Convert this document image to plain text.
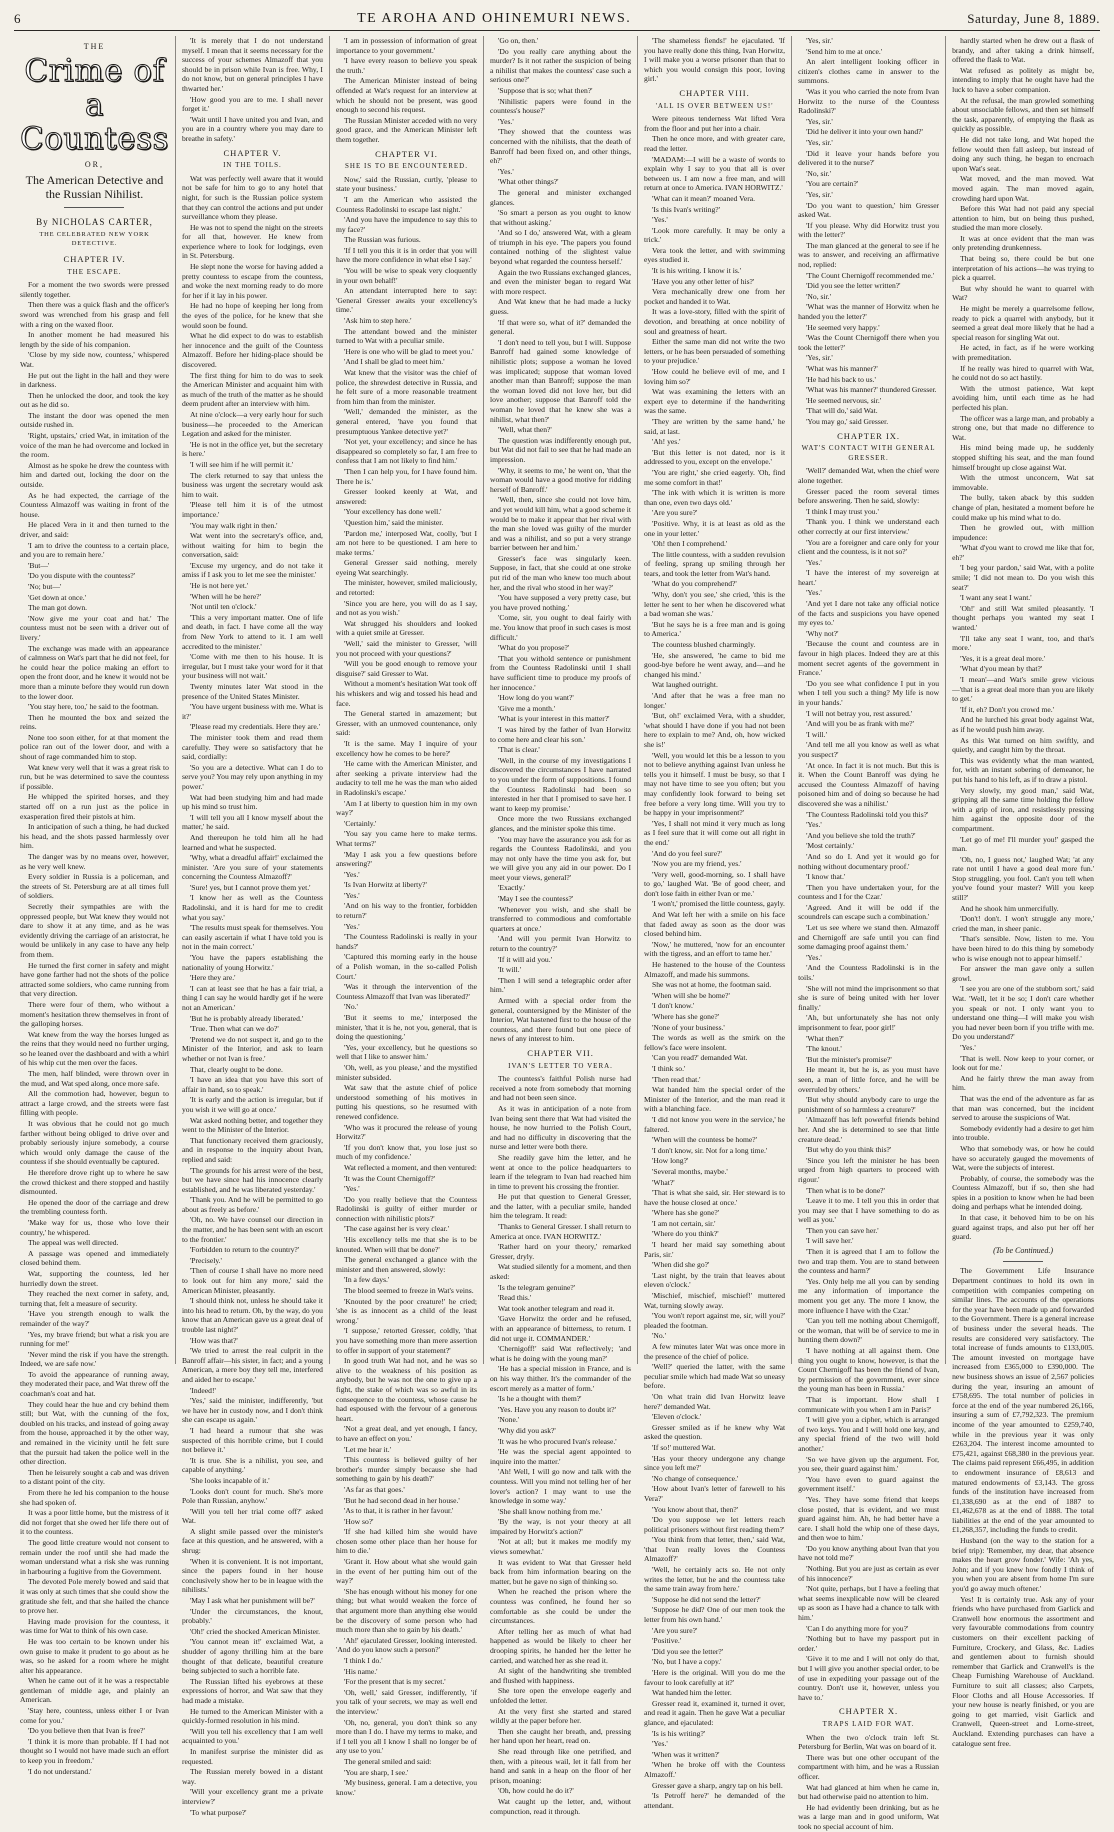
6	TE AROHA AND OHINEMURI NEWS.	Saturday, June 8, 1889.
THE
Crime of a Countess
OR,
The American Detective and the Russian Nihilist.
By NICHOLAS CARTER,
THE CELEBRATED NEW YORK DETECTIVE.
CHAPTER IV.
THE ESCAPE.

For a moment the two swords were pressed silently together.

Then there was a quick flash and the officer's sword was wrenched from his grasp and fell with a ring on the waxed floor.

In another moment he had measured his length by the side of his companion.

'Close by my side now, countess,' whispered Wat.

He put out the light in the hall and they were in darkness.

Then he unlocked the door, and took the key out as he did so.

The instant the door was opened the men outside rushed in.

'Right, upstairs,' cried Wat, in imitation of the voice of the man he had overcome and locked in the room.

Almost as he spoke he drew the countess with him and darted out, locking the door on the outside.

As he had expected, the carriage of the Countess Almazoff was waiting in front of the house.

He placed Vera in it and then turned to the driver, and said:

'I am to drive the countess to a certain place, and you are to remain here.'

'But—'

'Do you dispute with the countess?'

'No; but—'

'Get down at once.'

The man got down.

'Now give me your coat and hat.' The countess must not be seen with a driver out of livery.'

The exchange was made with an appearance of calmness on Wat's part that he did not feel, for he could hear the police making an effort to open the front door, and he knew it would not be more than a minute before they would run down to the lower door.

'You stay here, too,' he said to the footman.

Then he mounted the box and seized the reins.

None too soon either, for at that moment the police ran out of the lower door, and with a shout of rage commanded him to stop.

Wat knew very well that it was a great risk to run, but he was determined to save the countess if possible.

He whipped the spirited horses, and they started off on a run just as the police in exasperation fired their pistols at him.

In anticipation of such a thing, he had ducked his head, and the shots passed harmlessly over him.

The danger was by no means over, however, as he very well knew.

Every soldier in Russia is a policeman, and the streets of St. Petersburg are at all times full of soldiers.

Secretly their sympathies are with the oppressed people, but Wat knew they would not dare to show it at any time, and as he was evidently driving the carriage of an aristocrat, he would be unlikely in any case to have any help from them.

He turned the first corner in safety and might have gone farther had not the shots of the police attracted some soldiers, who came running from that very direction.

There were four of them, who without a moment's hesitation threw themselves in front of the galloping horses.

Wat knew from the way the horses lunged as the reins that they would need no further urging, so he leaned over the dashboard and with a whirl of his whip cut the men over the faces.

The men, half blinded, were thrown over in the mud, and Wat sped along, once more safe.

All the commotion had, however, begun to attract a large crowd, and the streets were fast filling with people.

It was obvious that he could not go much farther without being obliged to drive over and probably seriously injure somebody, a course which would only damage the cause of the countess if she should eventually be captured.

He therefore drove right up to where he saw the crowd thickest and there stopped and hastily dismounted.

He opened the door of the carriage and drew the trembling countess forth.

'Make way for us, those who love their country,' he whispered.

The appeal was well directed.

A passage was opened and immediately closed behind them.

Wat, supporting the countess, led her hurriedly down the street.

They reached the next corner in safety, and, turning that, felt a measure of security.

'Have you strength enough to walk the remainder of the way?'

'Yes, my brave friend; but what a risk you are running for me!'

'Never mind the risk if you have the strength. Indeed, we are safe now.'

To avoid the appearance of running away, they moderated their pace, and Wat threw off the coachman's coat and hat.

They could hear the hue and cry behind them still; but Wat, with the cunning of the fox, doubled on his tracks, and instead of going away from the house, approached it by the other way, and remained in the vicinity until he felt sure that the pursuit had taken the police well in the other direction.

Then he leisurely sought a cab and was driven to a distant point of the city.

From there he led his companion to the house she had spoken of.

It was a poor little home, but the mistress of it did not forget that she owed her life there out of it to the countess.

The good little creature would not consent to remain under the roof until she had made the woman understand what a risk she was running in harbouring a fugitive from the Government.

The devoted Pole merely bowed and said that it was only at such times that she could show the gratitude she felt, and that she hailed the chance to prove her.

Having made provision for the countess, it was time for Wat to think of his own case.

He was too certain to be known under his own guise to make it prudent to go about as he was, so he asked for a room where he might alter his appearance.

When he came out of it he was a respectable gentleman of middle age, and plainly an American.

'Stay here, countess, unless either I or Ivan come for you.'

'Do you believe then that Ivan is free?'

'I think it is more than probable. If I had not thought so I would not have made such an effort to keep you in freedom.'

'I do not understand.'

'It is merely that I do not understand myself. I mean that it seems necessary for the success of your schemes Almazoff that you should be in prison while Ivan is free. Why, I do not know, but on general principles I have thwarted her.'

'How good you are to me. I shall never forget it.'

'Wait until I have united you and Ivan, and you are in a country where you may dare to breathe in safety.'

CHAPTER V.
IN THE TOILS.

Wat was perfectly well aware that it would not be safe for him to go to any hotel that night, for such is the Russian police system that they can control the actions and put under surveillance whom they please.

He was not to spend the night on the streets for all that, however. He knew from experience where to look for lodgings, even in St. Petersburg.

He slept none the worse for having added a pretty countess to escape from the countess, and woke the next morning ready to do more for her if it lay in his power.

He had no hope of keeping her long from the eyes of the police, for he knew that she would soon be found.

What he did expect to do was to establish her innocence and the guilt of the Countess Almazoff. Before her hiding-place should be discovered.

The first thing for him to do was to seek the American Minister and acquaint him with as much of the truth of the matter as he should deem prudent after an interview with him.

At nine o'clock—a very early hour for such business—he proceeded to the American Legation and asked for the minister.

'He is not in the office yet, but the secretary is here.'

'I will see him if he will permit it.'

The clerk returned to say that unless the business was urgent the secretary would ask him to wait.

'Please tell him it is of the utmost importance.'

'You may walk right in then.'

Wat went into the secretary's office, and, without waiting for him to begin the conversation, said:

'Excuse my urgency, and do not take it amiss if I ask you to let me see the minister.'

'He is not here yet.'

'When will he be here?'

'Not until ten o'clock.'

'This a very important matter. One of life and death, in fact. I have come all the way from New York to attend to it. I am well accredited to the minister.'

'Come with me then to his house. It is irregular, but I must take your word for it that your business will not wait.'

Twenty minutes later Wat stood in the presence of the United States Minister.

'You have urgent business with me. What is it?'

'Please read my credentials. Here they are.'

The minister took them and read them carefully. They were so satisfactory that he said, cordially:

'So you are a detective. What can I do to serve you? You may rely upon anything in my power.'

Wat had been studying him and had made up his mind so trust him.

'I will tell you all I know myself about the matter,' he said.

And thereupon he told him all he had learned and what he suspected.

'Why, what a dreadful affair!' exclaimed the minister. 'Are you sure of your statements concerning the Countess Almazoff?'

'Sure! yes, but I cannot prove them yet.'

'I know her as well as the Countess Radolinski, and it is hard for me to credit what you say.'

'The results must speak for themselves. You can easily ascertain if what I have told you is not in the main correct.'

'You have the papers establishing the nationality of young Horwitz.'

'Here they are.'

'I can at least see that he has a fair trial, a thing I can say he would hardly get if he were not an American.'

'But he is probably already liberated.'

'True. Then what can we do?'

'Pretend we do not suspect it, and go to the Minister of the Interior, and ask to learn whether or not Ivan is free.'

That, clearly ought to be done.

'I have an idea that you have this sort of affair in hand, so to speak.'

'It is early and the action is irregular, but if you wish it we will go at once.'

Wat asked nothing better, and together they went to the Minister of the Interior.

That functionary received them graciously, and in response to the inquiry about Ivan, replied and said:

'The grounds for his arrest were of the best, but we have since had his innocence clearly established, and he was liberated yesterday.'

'Thank you. And he will be permitted to go about as freely as before.'

'Oh, no. We have counsel our direction in the matter, and he has been sent with an escort to the frontier.'

'Forbidden to return to the country?'

'Precisely.'

'Then of course I shall have no more need to look out for him any more,' said the American Minister, pleasantly.

'I should think not, unless he should take it into his head to return. Oh, by the way, do you know that an American gave us a great deal of trouble last night?'

'How was that?'

'We tried to arrest the real culprit in the Banroff affair—his sister, in fact; and a young American, a mere boy they tell me, interfered and aided her to escape.'

'Indeed!'

'Yes,' said the minister, indifferently, 'but we have her in custody now, and I don't think she can escape us again.'

'I had heard a rumour that she was suspected of this horrible crime, but I could not believe it.'

'It is true. She is a nihilist, you see, and capable of anything.'

'She looks incapable of it.'

'Looks don't count for much. She's more Pole than Russian, anyhow.'

'Will you tell her trial come off?' asked Wat.

A slight smile passed over the minister's face at this question, and he answered, with a shrug:

'When it is convenient. It is not important, since the papers found in her house conclusively show her to be in league with the nihilists.'

'May I ask what her punishment will be?'

'Under the circumstances, the knout, probably.'

'Oh!' cried the shocked American Minister.

'You cannot mean it!' exclaimed Wat, a shudder of agony thrilling him at the bare thought of that delicate, beautiful creature being subjected to such a horrible fate.

The Russian lifted his eyebrows at these expressions of horror, and Wat saw that they had made a mistake.

He turned to the American Minister with a quickly-formed resolution in his mind.

'Will you tell his excellency that I am well acquainted to you.'

In manifest surprise the minister did as requested.

The Russian merely bowed in a distant way.

'Will your excellency grant me a private interview?'

'To what purpose?'

'I am in possession of information of great importance to your government.'

'I have every reason to believe you speak the truth.'

The American Minister instead of being offended at Wat's request for an interview at which he should not be present, was good enough to second his request.

The Russian Minister acceded with no very good grace, and the American Minister left them together.

CHAPTER VI.
SHE IS TO BE ENCOUNTERED.

Now,' said the Russian, curtly, 'please to state your business.'

'I am the American who assisted the Countess Radolinski to escape last night.'

'And you have the impudence to say this to my face?'

The Russian was furious.

'If I tell you this it is in order that you will have the more confidence in what else I say.'

'You will be wise to speak very cloquently in your own behalf!'

An attendant interrupted here to say: 'General Gresser awaits your excellency's time.'

'Ask him to step here.'

The attendant bowed and the minister turned to Wat with a peculiar smile.

'Here is one who will be glad to meet you.'

'And I shall be glad to meet him.'

Wat knew that the visitor was the chief of police, the shrewdest detective in Russia, and he felt sure of a more reasonable treatment from him than from the minister.

'Well,' demanded the minister, as the general entered, 'have you found that presumptuous Yankee detective yet?'

'Not yet, your excellency; and since he has disappeared so completely so far, I am free to confess that I am not likely to find him.'

'Then I can help you, for I have found him. There he is.'

Gresser looked keenly at Wat, and answered:

'Your excellency has done well.'

'Question him,' said the minister.

'Pardon me,' interposed Wat, coolly, 'but I am not here to be questioned. I am here to make terms.'

General Gresser said nothing, merely eyeing Wat searchingly.

The minister, however, smiled maliciously, and retorted:

'Since you are here, you will do as I say, and not as you wish.'

Wat shrugged his shoulders and looked with a quiet smile at Gresser.

'Well,' said the minister to Gresser, 'will you not proceed with your questions?'

'Will you be good enough to remove your disguise?' said Gresser to Wat.

Without a moment's hesitation Wat took off his whiskers and wig and tossed his head and face.

The General started in amazement; but Gresser, with an unmoved countenance, only said:

'It is the same. May I inquire of your excellency how he comes to be here?'

'He came with the American Minister, and after seeking a private interview had the audacity to tell me he was the man who aided in Radolinski's escape.'

'Am I at liberty to question him in my own way?'

'Certainly.'

'You say you came here to make terms. What terms?'

'May I ask you a few questions before answering?'

'Yes.'

'Is Ivan Horwitz at liberty?'

'Yes.'

'And on his way to the frontier, forbidden to return?'

'Yes.'

'The Countess Radolinski is really in your hands?'

'Captured this morning early in the house of a Polish woman, in the so-called Polish Court.'

'Was it through the intervention of the Countess Almazoff that Ivan was liberated?'

'No.'

'But it seems to me,' interposed the minister, 'that it is he, not you, general, that is doing the questioning.'

'Yes, your excellency, but he questions so well that I like to answer him.'

'Oh, well, as you please,' and the mystified minister subsided.

Wat saw that the astute chief of police understood something of his motives in putting his questions, so he resumed with renewed confidence.

'Who was it procured the release of young Horwitz?'

'If you don't know that, you lose just so much of my confidence.'

Wat reflected a moment, and then ventured:

'It was the Count Chernigoff?'

'Yes.'

'Do you really believe that the Countess Radolinski is guilty of either murder or connection with nihilistic plots?'

'The case against her is very clear.'

'His excellency tells me that she is to be knouted. When will that be done?'

The general exchanged a glance with the minister and then answered, slowly:

'In a few days.'

The blood seemed to freeze in Wat's veins.

'Knouted by the poor creature!' he cried; 'she is as innocent as a child of the least wrong.'

'I suppose,' retorted Gresser, coldly, 'that you have something more than mere assertion to offer in support of your statement?'

In good truth Wat had not, and he was so alive to the weakness of his position as anybody, but he was not the one to give up a fight, the stake of which was so awful in its consequence to the countess, whose cause he had espoused with the fervour of a generous heart.

'Not a great deal, and yet enough, I fancy, to have an effect on you.'

'Let me hear it.'

'This countess is believed guilty of her brother's murder simply because she had something to gain by his death?'

'As far as that goes.'

'But he had second dead in her house.'

'As to that, it is rather in her favour.'

'How so?'

'If she had killed him she would have chosen some other place than her house for him to die.'

'Grant it. How about what she would gain in the event of her putting him out of the way?'

'She has enough without his money for one thing; but what would weaken the force of that argument more than anything else would be the discovery of some person who had much more than she to gain by his death.'

'Ah!' ejaculated Gresser, looking interested. 'And do you know such a person?'

'I think I do.'

'His name.'

'For the present that is my secret.'

'Oh, well,' said Gresser, indifferently, 'if you talk of your secrets, we may as well end the interview.'

'Oh, no, general, you don't think so any more than I do. I have my terms to make, and if I tell you all I know I shall no longer be of any use to you.'

The general smiled and said:

'You are sharp, I see.'

'My business, general. I am a detective, you know.'

'Go on, then.'

'Do you really care anything about the murder? Is it not rather the suspicion of being a nihilist that makes the countess' case such a serious one?'

'Suppose that is so; what then?'

'Nihilistic papers were found in the countess's house?'

'Yes.'

'They showed that the countess was concerned with the nihilists, that the death of Banroff had been fixed on, and other things, eh?'

'Yes.'

'What other things?'

The general and minister exchanged glances.

'So smart a person as you ought to know that without asking.'

'And so I do,' answered Wat, with a gleam of triumph in his eye. 'The papers you found contained nothing of the slightest value beyond what regarded the countess herself.'

Again the two Russians exchanged glances, and even the minister began to regard Wat with more respect.

And Wat knew that he had made a lucky guess.

'If that were so, what of it?' demanded the general.

'I don't need to tell you, but I will. Suppose Banroff had gained some knowledge of nihilistic plots; suppose a woman he loved was implicated; suppose that woman loved another man than Banroff; suppose the man the woman loved did not love her, but did love another; suppose that Banroff told the woman he loved that he knew she was a nihilist, what then?'

'Well, what then?'

The question was indifferently enough put, but Wat did not fail to see that he had made an impression.

'Why, it seems to me,' he went on, 'that the woman would have a good motive for ridding herself of Banroff.'

'Well, then, since she could not love him, and yet would kill him, what a good scheme it would be to make it appear that her rival with the man she loved was guilty of the murder and was a nihilist, and so put a very strange barrier between her and him.'

Gresser's face was singularly keen. Suppose, in fact, that she could at one stroke put rid of the man who knew too much about her, and the rival who stood in her way?'

'You have supposed a very pretty case, but you have proved nothing.'

'Come, sir, you ought to deal fairly with me. You know that proof in such cases is most difficult.'

'What do you propose?'

'That you withold sentence or punishment from the Countess Radolinski until I shall have sufficient time to produce my proofs of her innocence.'

'How long do you want?'

'Give me a month.'

'What is your interest in this matter?'

'I was hired by the father of Ivan Horwitz to come here and clear his son.'

'That is clear.'

'Well, in the course of my investigations I discovered the circumstances I have narrated to you under the form of suppositions. I found the Countess Radolinski had been so interested in her that I promised to save her. I want to keep my promise.'

Once more the two Russians exchanged glances, and the minister spoke this time.

'You may have the assurance you ask for as regards the Countess Radolinski, and you may not only have the time you ask for, but we will give you any aid in our power. Do I meet your views, general?'

'Exactly.'

'May I see the countess?'

'Whenever you wish, and she shall be transferred to commodious and comfortable quarters at once.'

'And will you permit Ivan Horwitz to return to the country?'

'If it will aid you.'

'It will.'

'Then I will send a telegraphic order after him.'

Armed with a special order from the general, countersigned by the Minister of the Interior, Wat hastened first to the house of the countess, and there found but one piece of news of any interest to him.

CHAPTER VII.
IVAN'S LETTER TO VERA.

The countess's faithful Polish nurse had received a note from somebody that morning and had not been seen since.

As it was in anticipation of a note from Ivan being sent there that Wat had visited the house, he now hurried to the Polish Court, and had no difficulty in discovering that the nurse and letter were both there.

She readily gave him the letter, and he went at once to the police headquarters to learn if the telegram to Ivan had reached him in time to prevent his crossing the frontier.

He put that question to General Gresser, and the latter, with a peculiar smile, handed him the telegram. It read:

'Thanks to General Gresser. I shall return to America at once. IVAN HORWITZ.'

'Rather hard on your theory,' remarked Gresser, dryly.

Wat studied silently for a moment, and then asked:

'Is the telegram genuine?'

'Read this.'

Wat took another telegram and read it.

'Gave Horwitz the order and he refused, with an appearance of bitterness, to return. I did not urge it. COMMANDER.'

'Chernigoff!' said Wat reflectively; 'and what is he doing with the young man?'

'He has a special mission in France, and is on his way thither. It's the commander of the escort merely as a matter of form.'

'Is he a thought with them?'

'Yes. Have you any reason to doubt it?'

'None.'

'Why did you ask?'

'It was he who procured Ivan's release.'

'He was the special agent appointed to inquire into the matter.'

'Ah! Well, I will go now and talk with the countess. Will you mind not telling her of her lover's action? I may want to use the knowledge in some way.'

'She shall know nothing from me.'

'By the way, is not your theory at all impaired by Horwitz's action?'

'Not at all; but it makes me modify my views somewhat.'

It was evident to Wat that Gresser held back from him information bearing on the matter, but he gave no sign of thinking so.

When he reached the prison where the countess was confined, he found her so comfortable as she could be under the circumstances.

After telling her as much of what had happened as would be likely to cheer her drooping spirits, he handed her the letter he carried, and watched her as she read it.

At sight of the handwriting she trembled and flushed with happiness.

She tore open the envelope eagerly and unfolded the letter.

At the very first she started and stared wildly at the paper before her.

Then she caught her breath, and, pressing her hand upon her heart, read on.

She read through like one petrified, and then, with a piteous wail, let it fall from her hand and sank in a heap on the floor of her prison, moaning:

'Oh, how could he do it?'

Wat caught up the letter, and, without compunction, read it through.

'The shameless fiends!' he ejaculated. 'If you have really done this thing, Ivan Horwitz, I will make you a worse prisoner than that to which you would consign this poor, loving girl.'

CHAPTER VIII.
'ALL IS OVER BETWEEN US!'

Were piteous tenderness Wat lifted Vera from the floor and put her into a chair.

Then he once more, and with greater care, read the letter.

'MADAM:—I will be a waste of words to explain why I say to you that all is over between us. I am now a free man, and will return at once to America. IVAN HORWITZ.'

'What can it mean?' moaned Vera.

'Is this Ivan's writing?'

'Yes.'

'Look more carefully. It may be only a trick.'

Vera took the letter, and with swimming eyes studied it.

'It is his writing. I know it is.'

'Have you any other letter of his?'

Vera mechanically drew one from her pocket and handed it to Wat.

It was a love-story, filled with the spirit of devotion, and breathing at once nobility of soul and greatness of heart.

Either the same man did not write the two letters, or he has been persuaded of something to your prejudice.'

'How could he believe evil of me, and I loving him so?'

Wat was examining the letters with an expert eye to determine if the handwriting was the same.

'They are written by the same hand,' he said, at last.

'Ah! yes.'

'But this letter is not dated, nor is it addressed to you, except on the envelope.'

'You are right,' she cried eagerly. 'Oh, find me some comfort in that!'

'The ink with which it is written is more than one, even two days old.'

'Are you sure?'

'Positive. Why, it is at least as old as the one in your letter.'

'Oh! then I comprehend.'

The little countess, with a sudden revulsion of feeling, sprang up smiling through her tears, and took the letter from Wat's hand.

'What do you comprehend?'

'Why, don't you see,' she cried, 'this is the letter he sent to her when he discovered what a bad woman she was.'

'But he says he is a free man and is going to America.'

The countess blushed charmingly.

'He, she answered, 'he came to bid me good-bye before he went away, and—and he changed his mind.'

Wat laughed outright.

'And after that he was a free man no longer.'

'But, oh!' exclaimed Vera, with a shudder, 'what should I have done if you had not been here to explain to me? And, oh, how wicked she is!'

'Well, you would let this be a lesson to you not to believe anything against Ivan unless he tells you it himself. I must be busy, so that I may not have time to see you often; but you may confidently look forward to being set free before a very long time. Will you try to be happy in your imprisonment?'

'Yes, I shall not mind it very much as long as I feel sure that it will come out all right in the end.'

'And do you feel sure?'

'Now you are my friend, yes.'

'Very well, good-morning, so. I shall have to go,' laughed Wat. 'Be of good cheer, and don't lose faith in either Ivan or me.'

'I won't,' promised the little countess, gayly.

And Wat left her with a smile on his face that faded away as soon as the door was closed behind him.

'Now,' he muttered, 'now for an encounter with the tigress, and an effort to tame her.'

He hastened to the house of the Countess Almazoff, and made his summons.

She was not at home, the footman said.

'When will she be home?'

'I don't know.'

'Where has she gone?'

'None of your business.'

The words as well as the smirk on the fellow's face were insolent.

'Can you read?' demanded Wat.

'I think so.'

'Then read that.'

Wat handed him the special order of the Minister of the Interior, and the man read it with a blanching face.

'I did not know you were in the service,' he faltered.

'When will the countess be home?'

'I don't know, sir. Not for a long time.'

'How long?'

'Several months, maybe.'

'What?'

'That is what she said, sir. Her steward is to have the house closed at once.'

'Where has she gone?'

'I am not certain, sir.'

'Where do you think?'

'I heard her maid say something about Paris, sir.'

'When did she go?'

'Last night, by the train that leaves about eleven o'clock.'

'Mischief, mischief, mischief!' muttered Wat, turning slowly away.

'You won't report against me, sir, will you?' pleaded the footman.

'No.'

A few minutes later Wat was once more in the presence of the chief of police.

'Well?' queried the latter, with the same peculiar smile which had made Wat so uneasy before.

'On what train did Ivan Horwitz leave here?' demanded Wat.

'Eleven o'clock.'

Gresser smiled as if he knew why Wat asked the question.

'If so!' muttered Wat.

'Has your theory undergone any change since you left me?'

'No change of consequence.'

'How about Ivan's letter of farewell to his Vera?'

'You know about that, then?'

'Do you suppose we let letters reach political prisoners without first reading them?'

'You think from that letter, then,' said Wat, 'that Ivan really loves the Countess Almazoff?'

'Well, he certainly acts so. He not only writes the letter, but he and the countess take the same train away from here.'

'Suppose he did not send the letter?'

'Suppose he did? One of our men took the letter from his own hand.'

'Are you sure?'

'Positive.'

'Did you see the letter?'

'No, but I have a copy.'

'Here is the original. Will you do me the favour to look carefully at it?'

Wat handed him the letter.

Gresser read it, examined it, turned it over, and read it again. Then he gave Wat a peculiar glance, and ejaculated:

'Is is his writing?'

'Yes.'

'When was it written?'

'When he broke off with the Countess Almazoff.'

Gresser gave a sharp, angry tap on his bell.

'Is Petroff here?' he demanded of the attendant.

'Yes, sir.'

'Send him to me at once.'

An alert intelligent looking officer in citizen's clothes came in answer to the summons.

'Was it you who carried the note from Ivan Horwitz to the nurse of the Countess Radolinski?'

'Yes, sir.'

'Did he deliver it into your own hand?'

'Yes, sir.'

'Did it leave your hands before you delivered it to the nurse?'

'No, sir.'

'You are certain?'

'Yes, sir.'

'Do you want to question,' him Gresser asked Wat.

'If you please. Why did Horwitz trust you with the letter?'

The man glanced at the general to see if he was to answer, and receiving an affirmative nod, replied:

'The Count Chernigoff recommended me.'

'Did you see the letter written?'

'No, sir.'

'What was the manner of Horwitz when he handed you the letter?'

'He seemed very happy.'

'Was the Count Chernigoff there when you took the letter?'

'Yes, sir.'

'What was his manner?'

'He had his back to us.'

'What was his manner?' thundered Gresser.

'He seemed nervous, sir.'

'That will do,' said Wat.

'You may go,' said Gresser.

CHAPTER IX.
WAT'S CONTACT WITH GENERAL GRESSER.

'Well?' demanded Wat, when the chief were alone together.

Gresser paced the room several times before answering. Then he said, slowly:

'I think I may trust you.'

'Thank you. I think we understand each other correctly at our first interview.'

'You are a foreigner and care only for your client and the countess, is it not so?'

'Yes.'

'I have the interest of my sovereign at heart.'

'Yes.'

'And yet I dare not take any official notice of the facts and suspicions you have opened my eyes to.'

'Why not?'

'Because the count and countess are in favour in high places. Indeed they are at this moment secret agents of the government in France.'

'Do you see what confidence I put in you when I tell you such a thing? My life is now in your hands.'

'I will not betray you, rest assured.'

'And will you be as frank with me?'

'I will.'

'And tell me all you know as well as what you suspect?'

'At once. In fact it is not much. But this is it. When the Count Banroff was dying he accused the Countess Almazoff of having poisoned him and of doing so because he had discovered she was a nihilist.'

'The Countess Radolinski told you this?'

'Yes.'

'And you believe she told the truth?'

'Most certainly.'

'And so do I. And yet it would go for nothing without documentary proof.'

'I know that.'

'Then you have undertaken your, for the countess and I for the Czar.'

'Agreed. And it will be odd if the scoundrels can escape such a combination.'

'Let us see where we stand then. Almazoff and Chernigoff are safe until you can find some damaging proof against them.'

'Yes.'

'And the Countess Radolinski is in the toils.'

'She will not mind the imprisonment so that she is sure of being united with her lover finally.'

'Ah, but unfortunately she has not only imprisonment to fear, poor girl!'

'What then?'

'The knout.'

'But the minister's promise?'

He meant it, but he is, as you must have seen, a man of little force, and he will be overruled by others.'

'But why should anybody care to urge the punishment of so harmless a creature?'

'Almazoff has left powerful friends behind her. And she is determined to see that little creature dead.'

'But why do you think this?'

'Since you left the minister he has been urged from high quarters to proceed with rigour.'

'Then what is to be done?'

'Leave it to me. I tell you this in order that you may see that I have something to do as well as you.'

'Then you can save her.'

'I will save her.'

'Then it is agreed that I am to follow the two and trap them. You are to stand between the countess and harm?'

'Yes. Only help me all you can by sending me any information of importance the moment you get any. The more I know, the more influence I have with the Czar.'

'Can you tell me nothing about Chernigoff, or the woman, that will be of service to me in hunting them down?'

'I have nothing at all against them. One thing you ought to know, however, is that the Count Chernigoff has been the friend of Ivan, by permission of the government, ever since the young man has been in Russia.'

'That is important. How shall I communicate with you when I am in Paris?'

'I will give you a cipher, which is arranged of two keys. You and I will hold one key, and any special friend of the two will hold another.'

'So we have given up the argument. For, you see, their guard against him.'

'You have even to guard against the government itself.'

'Yes. They have some friend that keeps close posted, that is evident, and we must guard against him. Ah, he had better have a care. I shall hold the whip one of these days, and then woe to him.'

'Do you know anything about Ivan that you have not told me?'

'Nothing. But you are just as certain as ever of his innocence?'

'Not quite, perhaps, but I have a feeling that what seems inexplicable now will be cleared up as soon as I have had a chance to talk with him.'

'Can I do anything more for you?'

'Nothing but to have my passport put in order.'

'Give it to me and I will not only do that, but I will give you another special order, to be of use in expediting your passage out of the country. Don't use it, however, unless you have to.'

CHAPTER X.
TRAPS LAID FOR WAT.

When the two o'clock train left St. Petersburg for Berlin, Wat was on board of it.

There was but one other occupant of the compartment with him, and he was a Russian officer.

Wat had glanced at him when he came in, but had otherwise paid no attention to him.

He had evidently been drinking, but as he was a large man and in good uniform, Wat took no special account of him.

hardly started when he drew out a flask of brandy, and after taking a drink himself, offered the flask to Wat.

Wat refused as politely as might be, intending to imply that he ought have had the luck to have a sober companion.

At the refusal, the man growled something about unsociable fellows, and then set himself the task, apparently, of emptying the flask as quickly as possible.

He did not take long, and Wat hoped the fellow would then fall asleep, but instead of doing any such thing, he began to encroach upon Wat's seat.

Wat moved, and the man moved. Wat moved again. The man moved again, crowding hard upon Wat.

Before this Wat had not paid any special attention to him, but on being thus pushed, studied the man more closely.

It was at once evident that the man was only pretending drunkenness.

That being so, there could be but one interpretation of his actions—he was trying to pick a quarrel.

But why should he want to quarrel with Wat?

He might be merely a quarrelsome fellow, ready to pick a quarrel with anybody, but it seemed a great deal more likely that he had a special reason for singling Wat out.

He acted, in fact, as if he were working with premeditation.

If he really was hired to quarrel with Wat, he could not do so act hastily.

With the utmost patience, Wat kept avoiding him, until each time as he had perfected his plan.

The officer was a large man, and probably a strong one, but that made no difference to Wat.

His mind being made up, he suddenly stopped shifting his seat, and the man found himself brought up close against Wat.

With the utmost unconcern, Wat sat immovable.

The bully, taken aback by this sudden change of plan, hesitated a moment before he could make up his mind what to do.

Then he growled out, with million impudence:

'What d'you want to crowd me like that for, eh?'

'I beg your pardon,' said Wat, with a polite smile; 'I did not mean to. Do you wish this seat?'

'I want any seat I want.'

'Oh!' and still Wat smiled pleasantly. 'I thought perhaps you wanted my seat I wanted.'

'I'll take any seat I want, too, and that's more.'

'Yes, it is a great deal more.'

'What d'you mean by that?'

'I mean'—and Wat's smile grew vicious—'that is a great deal more than you are likely to get.'

'If it, eh? Don't you crowd me.'

And he lurched his great body against Wat, as if he would push him away.

As this Wat turned on him swiftly, and quietly, and caught him by the throat.

This was evidently what the man wanted, for, with an instant sobering of demeanor, he put his hand to his left, as if to draw a pistol.

Very slowly, my good man,' said Wat, gripping all the same time holding the fellow with a grip of iron, and resistlessly pressing him against the opposite door of the compartment.

'Let go of me! I'll murder you!' gasped the man.

'Oh, no, I guess not,' laughed Wat; 'at any rate not until I have a good deal more fun.' Stop struggling, you fool. Can't you tell when you've found your master? Will you keep still?'

And he shook him unmercifully.

'Don't! don't. I won't struggle any more,' cried the man, in sheer panic.

'That's sensible. Now, listen to me. You have been hired to do this thing by somebody who is wise enough not to appear himself.'

For answer the man gave only a sullen growl.

'I see you are one of the stubborn sort,' said Wat. 'Well, let it be so; I don't care whether you speak or not. I only want you to understand one thing—I will make you wish you had never been born if you trifle with me. Do you understand?'

'Yes.'

'That is well. Now keep to your corner, or look out for me.'

And he fairly threw the man away from him.

That was the end of the adventure as far as that man was concerned, but the incident served to arouse the suspicions of Wat.

Somebody evidently had a desire to get him into trouble.

Who that somebody was, or how he could have so accurately gauged the movements of Wat, were the subjects of interest.

Probably, of course, the somebody was the Countess Almazoff, but if so, then she had spies in a position to know when he had been doing and perhaps what he intended doing.

In that case, it behoved him to be on his guard against traps, and also put her off her guard.

(To be Continued.)

The Government Life Insurance Department continues to hold its own in competition with companies competing on similar lines. The accounts of the operations for the year have been made up and forwarded to the Government. There is a general increase of business under the several heads. The results are considered very satisfactory. The total increase of funds amounts to £133,005. The amount invested on mortgage have increased from £365,000 to £390,000. The new business shows an issue of 2,567 policies during the year, insuring an amount of £758,695. The total number of policies in force at the end of the year numbered 26,166, insuring a sum of £7,792,323. The premium income of the year amounted to £259,740, while in the previous year it was only £263,204. The interest income amounted to £75,421, against £68,380 in the previous year. The claims paid represent £66,495, in addition to endowment insurance of £8,613 and matured endowments of £3,143. The gross funds of the institution have increased from £1,338,690 as at the end of 1887 to £1,462,678 as at the end of 1888. The total liabilities at the end of the year amounted to £1,268,357, including the funds to credit.

Husband (on the way to the station for a brief trip): 'Remember, my dear, that absence makes the heart grow fonder.' Wife: 'Ah yes, John; and if you knew how fondly I think of you when you are absent from home I'm sure you'd go away much oftener.'

Yes! It is certainly true. Ask any of your friends who have purchased from Garlick and Cranwell how enormous the assortment and very favourable commodations from country customers on their excellent packing of Furniture, Crockery, and Glass, &c. Ladies and gentlemen about to furnish should remember that Garlick and Cranwell's is the Cheap Furnishing Warehouse of Auckland. Furniture to suit all classes; also Carpets, Floor Cloths and all House Accessories. If your new house is nearly finished, or you are going to get married, visit Garlick and Cranwell, Queen-street and Lorne-street, Auckland. Extending purchases can have a catalogue sent free.
